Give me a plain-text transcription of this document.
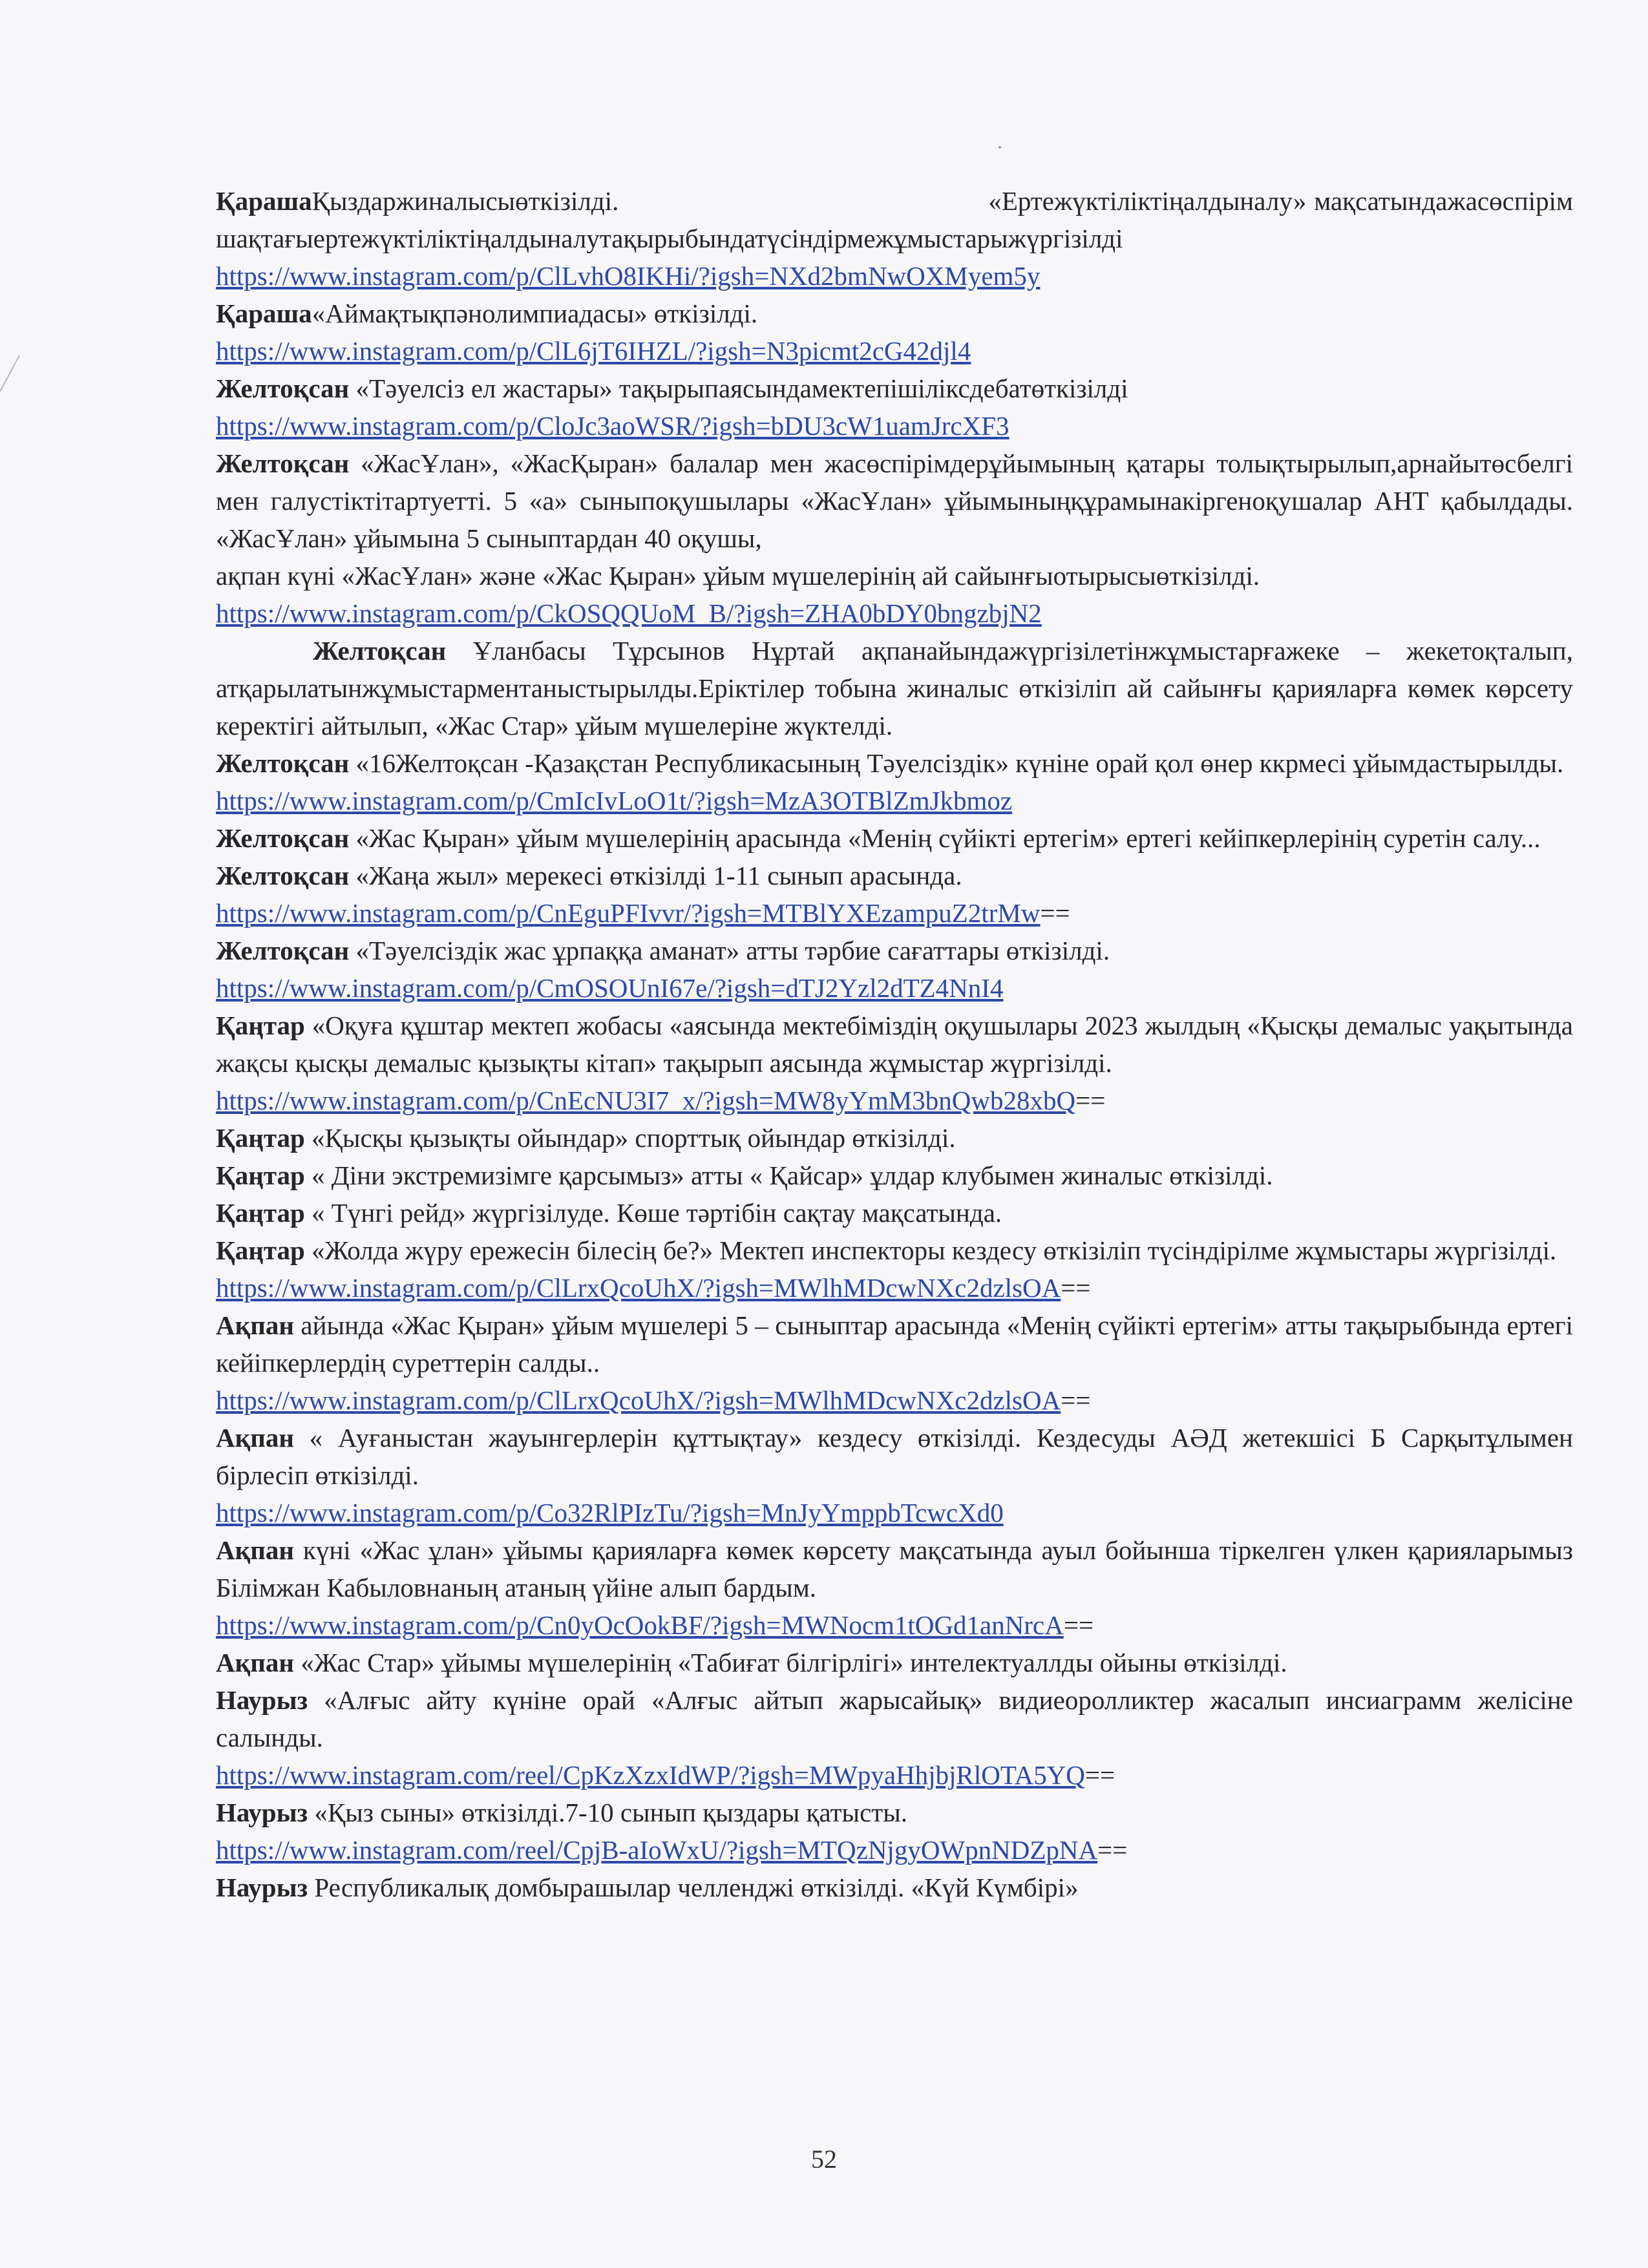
ҚарашаҚыздаржиналысыөткізілді.	«Ертежүктіліктіңалдыналу» мақсатындажасөспірімшақтағыертежүктіліктіңалдыналутақырыбындатүсіндірмежұмыстарыжүргізілді

https://www.instagram.com/p/ClLvhO8IKHi/?igsh=NXd2bmNwOXMyem5y

Қараша«Аймақтықпәнолимпиадасы» өткізілді.

https://www.instagram.com/p/ClL6jT6IHZL/?igsh=N3picmt2cG42djl4

Желтоқсан «Тәуелсіз ел жастары» тақырыпаясындамектепішіліксдебатөткізілді

https://www.instagram.com/p/CloJc3aoWSR/?igsh=bDU3cW1uamJrcXF3

Желтоқсан «ЖасҰлан», «ЖасҚыран» балалар мен жасөспірімдерұйымының қатары толықтырылып,арнайытөсбелгі мен галустіктітартуетті. 5 «а» сыныпоқушылары «ЖасҰлан» ұйымыныңқұрамынакіргеноқушалар АНТ қабылдады. «ЖасҰлан» ұйымына 5 сыныптардан 40 оқушы,

ақпан күні «ЖасҰлан» және «Жас Қыран» ұйым мүшелерінің ай сайынғыотырысыөткізілді.

https://www.instagram.com/p/CkOSQQUoM_B/?igsh=ZHA0bDY0bngzbjN2

Желтоқсан Ұланбасы Тұрсынов Нұртай ақпанайындажүргізілетінжұмыстарғажеке – жекетоқталып, атқарылатынжұмыстарментаныстырылды.Еріктілер тобына жиналыс өткізіліп ай сайынғы қарияларға көмек көрсету керектігі айтылып, «Жас Стар» ұйым мүшелеріне жүктелді.

Желтоқсан «16Желтоқсан -Қазақстан Республикасының Тәуелсіздік» күніне орай қол өнер ккрмесі ұйымдастырылды.

https://www.instagram.com/p/CmIcIvLoO1t/?igsh=MzA3OTBlZmJkbmoz

Желтоқсан «Жас Қыран» ұйым мүшелерінің арасында «Менің сүйікті ертегім» ертегі кейіпкерлерінің суретін салу...

Желтоқсан «Жаңа жыл» мерекесі өткізілді 1-11 сынып арасында.

https://www.instagram.com/p/CnEguPFIvvr/?igsh=MTBlYXEzampuZ2trMw==

Желтоқсан «Тәуелсіздік жас ұрпаққа аманат» атты тәрбие сағаттары өткізілді.

https://www.instagram.com/p/CmOSOUnI67e/?igsh=dTJ2Yzl2dTZ4NnI4

Қаңтар «Оқуға құштар мектеп жобасы «аясында мектебіміздің оқушылары 2023 жылдың «Қысқы демалыс уақытында жақсы қысқы демалыс қызықты кітап» тақырып аясында жұмыстар жүргізілді.

https://www.instagram.com/p/CnEcNU3I7_x/?igsh=MW8yYmM3bnQwb28xbQ==

Қаңтар «Қысқы қызықты ойындар» спорттық ойындар өткізілді.

Қаңтар « Діни экстремизімге қарсымыз» атты « Қайсар» ұлдар клубымен жиналыс өткізілді.

Қаңтар « Түнгі рейд» жүргізілуде. Көше тәртібін сақтау мақсатында.

Қаңтар «Жолда жүру ережесін білесің бе?» Мектеп инспекторы кездесу өткізіліп түсіндірілме жұмыстары жүргізілді.

https://www.instagram.com/p/ClLrxQcoUhX/?igsh=MWlhMDcwNXc2dzlsOA==

Ақпан айында «Жас Қыран» ұйым мүшелері 5 – сыныптар арасында «Менің сүйікті ертегім» атты тақырыбында ертегі кейіпкерлердің суреттерін салды..

https://www.instagram.com/p/ClLrxQcoUhX/?igsh=MWlhMDcwNXc2dzlsOA==

Ақпан « Ауғаныстан жауынгерлерін құттықтау» кездесу өткізілді. Кездесуды АӘД жетекшісі Б Сарқытұлымен бірлесіп өткізілді.

https://www.instagram.com/p/Co32RlPIzTu/?igsh=MnJyYmppbTcwcXd0

Ақпан күні «Жас ұлан» ұйымы қарияларға көмек көрсету мақсатында ауыл бойынша тіркелген үлкен қарияларымыз Білімжан Кабыловнаның атаның үйіне алып бардым.

https://www.instagram.com/p/Cn0yOcOokBF/?igsh=MWNocm1tOGd1anNrcA==

Ақпан «Жас Стар» ұйымы мүшелерінің «Табиғат білгірлігі» интелектуаллды ойыны өткізілді.

Наурыз «Алғыс айту күніне орай «Алғыс айтып жарысайық» видиеоролликтер жасалып инсиаграмм желісіне салынды.

https://www.instagram.com/reel/CpKzXzxIdWP/?igsh=MWpyaHhjbjRlOTA5YQ==

Наурыз «Қыз сыны» өткізілді.7-10 сынып қыздары қатысты.

https://www.instagram.com/reel/CpjB-aIoWxU/?igsh=MTQzNjgyOWpnNDZpNA==

Наурыз Республикалық домбырашылар челленджі өткізілді. «Күй Күмбірі»

52
